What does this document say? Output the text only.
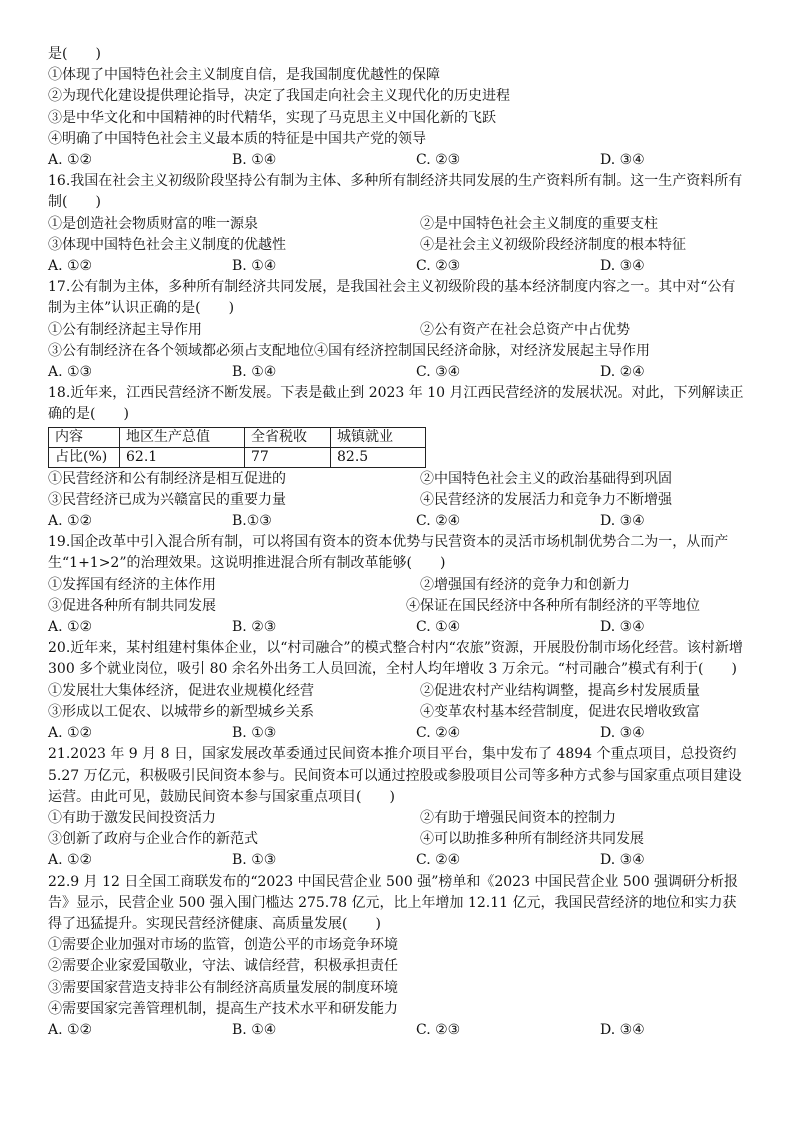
是(　　)
①体现了中国特色社会主义制度自信，是我国制度优越性的保障
②为现代化建设提供理论指导，决定了我国走向社会主义现代化的历史进程
③是中华文化和中国精神的时代精华，实现了马克思主义中国化新的飞跃
④明确了中国特色社会主义最本质的特征是中国共产党的领导
A. ①②	B. ①④	C. ②③	D. ③④
16.我国在社会主义初级阶段坚持公有制为主体、多种所有制经济共同发展的生产资料所有制。这一生产资料所有制(　　)
①是创造社会物质财富的唯一源泉	②是中国特色社会主义制度的重要支柱
③体现中国特色社会主义制度的优越性	④是社会主义初级阶段经济制度的根本特征
A. ①②	B. ①④	C. ②③	D. ③④
17.公有制为主体，多种所有制经济共同发展，是我国社会主义初级阶段的基本经济制度内容之一。其中对“公有制为主体”认识正确的是(　　)
①公有制经济起主导作用	②公有资产在社会总资产中占优势
③公有制经济在各个领域都必须占支配地位④国有经济控制国民经济命脉，对经济发展起主导作用
A. ①③	B. ①④	C. ③④	D. ②④
18.近年来，江西民营经济不断发展。下表是截止到 2023 年 10 月江西民营经济的发展状况。对此，下列解读正确的是(　　)
内容	地区生产总值	全省税收	城镇就业
占比(%)	62.1	77	82.5
①民营经济和公有制经济是相互促进的	②中国特色社会主义的政治基础得到巩固
③民营经济已成为兴赣富民的重要力量	④民营经济的发展活力和竞争力不断增强
A. ①②	B.①③	C. ②④	D. ③④
19.国企改革中引入混合所有制，可以将国有资本的资本优势与民营资本的灵活市场机制优势合二为一，从而产生“1+1>2”的治理效果。这说明推进混合所有制改革能够(　　)
①发挥国有经济的主体作用	②增强国有经济的竞争力和创新力
③促进各种所有制共同发展	④保证在国民经济中各种所有制经济的平等地位
A. ①②	B. ②③	C. ①④	D. ③④
20.近年来，某村组建村集体企业，以“村司融合”的模式整合村内“农旅”资源，开展股份制市场化经营。该村新增 300 多个就业岗位，吸引 80 余名外出务工人员回流，全村人均年增收 3 万余元。“村司融合”模式有利于(　　)
①发展壮大集体经济，促进农业规模化经营	②促进农村产业结构调整，提高乡村发展质量
③形成以工促农、以城带乡的新型城乡关系	④变革农村基本经营制度，促进农民增收致富
A. ①②	B. ①③	C. ②④	D. ③④
21.2023 年 9 月 8 日，国家发展改革委通过民间资本推介项目平台，集中发布了 4894 个重点项目，总投资约 5.27 万亿元，积极吸引民间资本参与。民间资本可以通过控股或参股项目公司等多种方式参与国家重点项目建设运营。由此可见，鼓励民间资本参与国家重点项目(　　)
①有助于激发民间投资活力	②有助于增强民间资本的控制力
③创新了政府与企业合作的新范式	④可以助推多种所有制经济共同发展
A. ①②	B. ①③	C. ②④	D. ③④
22.9 月 12 日全国工商联发布的“2023 中国民营企业 500 强”榜单和《2023 中国民营企业 500 强调研分析报告》显示，民营企业 500 强入围门槛达 275.78 亿元，比上年增加 12.11 亿元，我国民营经济的地位和实力获得了迅猛提升。实现民营经济健康、高质量发展(　　)
①需要企业加强对市场的监管，创造公平的市场竞争环境
②需要企业家爱国敬业，守法、诚信经营，积极承担责任
③需要国家营造支持非公有制经济高质量发展的制度环境
④需要国家完善管理机制，提高生产技术水平和研发能力
A. ①②	B. ①④	C. ②③	D. ③④
